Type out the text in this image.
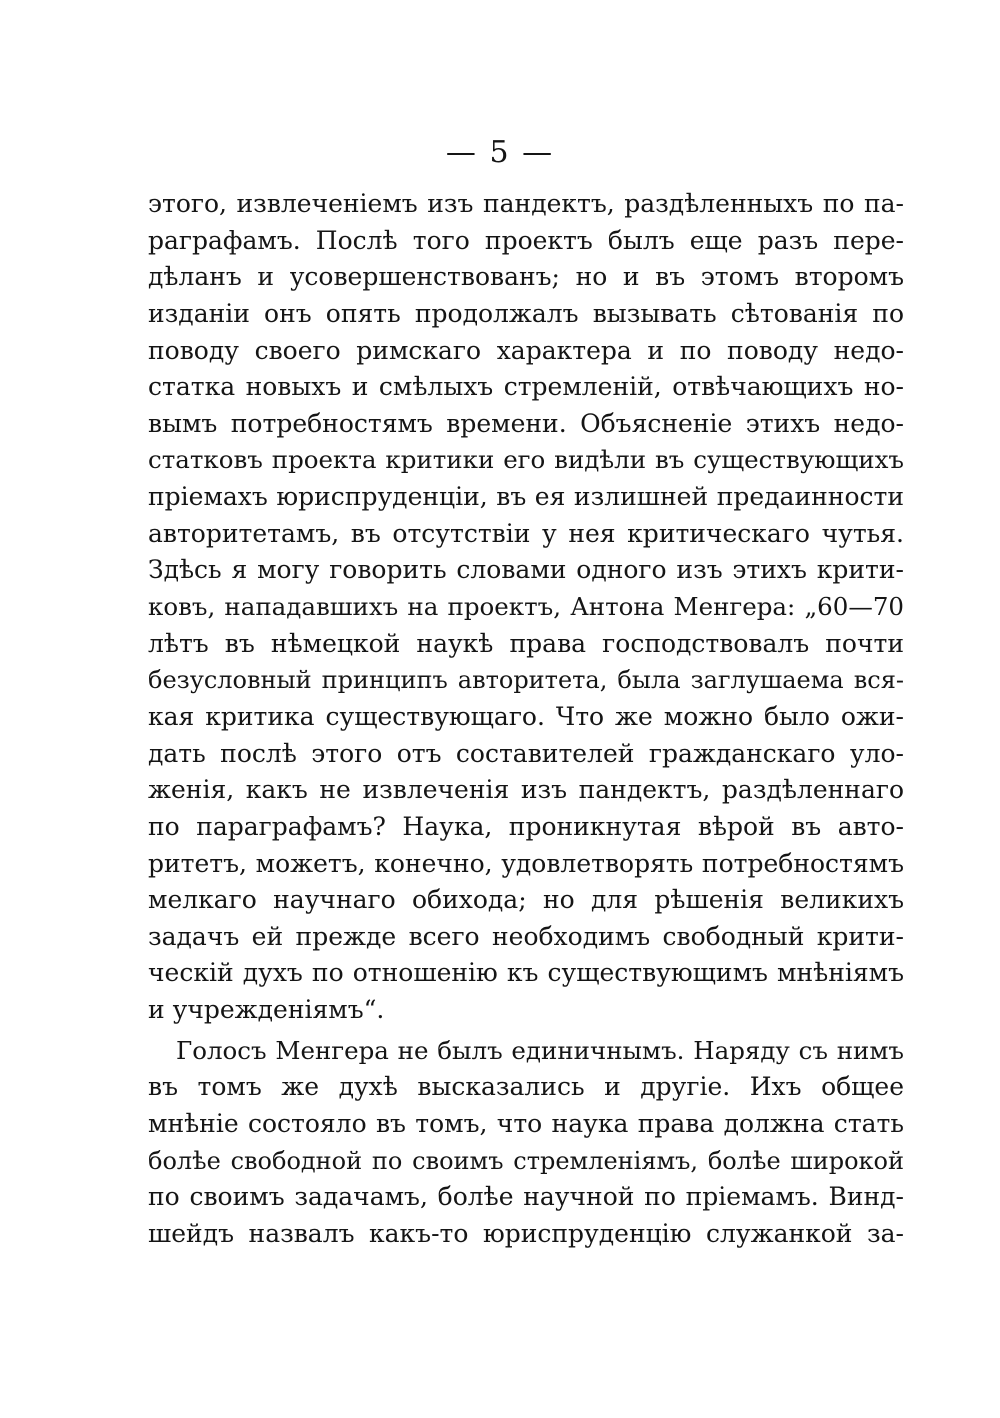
— 5 —
этого, извлеченіемъ изъ пандектъ, раздѣленныхъ по па-
раграфамъ. Послѣ того проектъ былъ еще разъ пере-
дѣланъ и усовершенствованъ; но и въ этомъ второмъ
изданіи онъ опять продолжалъ вызывать сѣтованія по
поводу своего римскаго характера и по поводу недо-
статка новыхъ и смѣлыхъ стремленій, отвѣчающихъ но-
вымъ потребностямъ времени. Объясненіе этихъ недо-
статковъ проекта критики его видѣли въ существующихъ
пріемахъ юриспруденціи, въ ея излишней предаинности
авторитетамъ, въ отсутствіи у нея критическаго чутья.
Здѣсь я могу говорить словами одного изъ этихъ крити-
ковъ, нападавшихъ на проектъ, Антона Менгера: „60—70
лѣтъ въ нѣмецкой наукѣ права господствовалъ почти
безусловный принципъ авторитета, была заглушаема вся-
кая критика существующаго. Что же можно было ожи-
дать послѣ этого отъ составителей гражданскаго уло-
женія, какъ не извлеченія изъ пандектъ, раздѣленнаго
по параграфамъ? Наука, проникнутая вѣрой въ авто-
ритетъ, можетъ, конечно, удовлетворять потребностямъ
мелкаго научнаго обихода; но для рѣшенія великихъ
задачъ ей прежде всего необходимъ свободный крити-
ческій духъ по отношенію къ существующимъ мнѣніямъ
и учрежденіямъ“.
Голосъ Менгера не былъ единичнымъ. Наряду съ нимъ
въ томъ же духѣ высказались и другіе. Ихъ общее
мнѣніе состояло въ томъ, что наука права должна стать
болѣе свободной по своимъ стремленіямъ, болѣе широкой
по своимъ задачамъ, болѣе научной по пріемамъ. Винд-
шейдъ назвалъ какъ-то юриспруденцію служанкой за-
